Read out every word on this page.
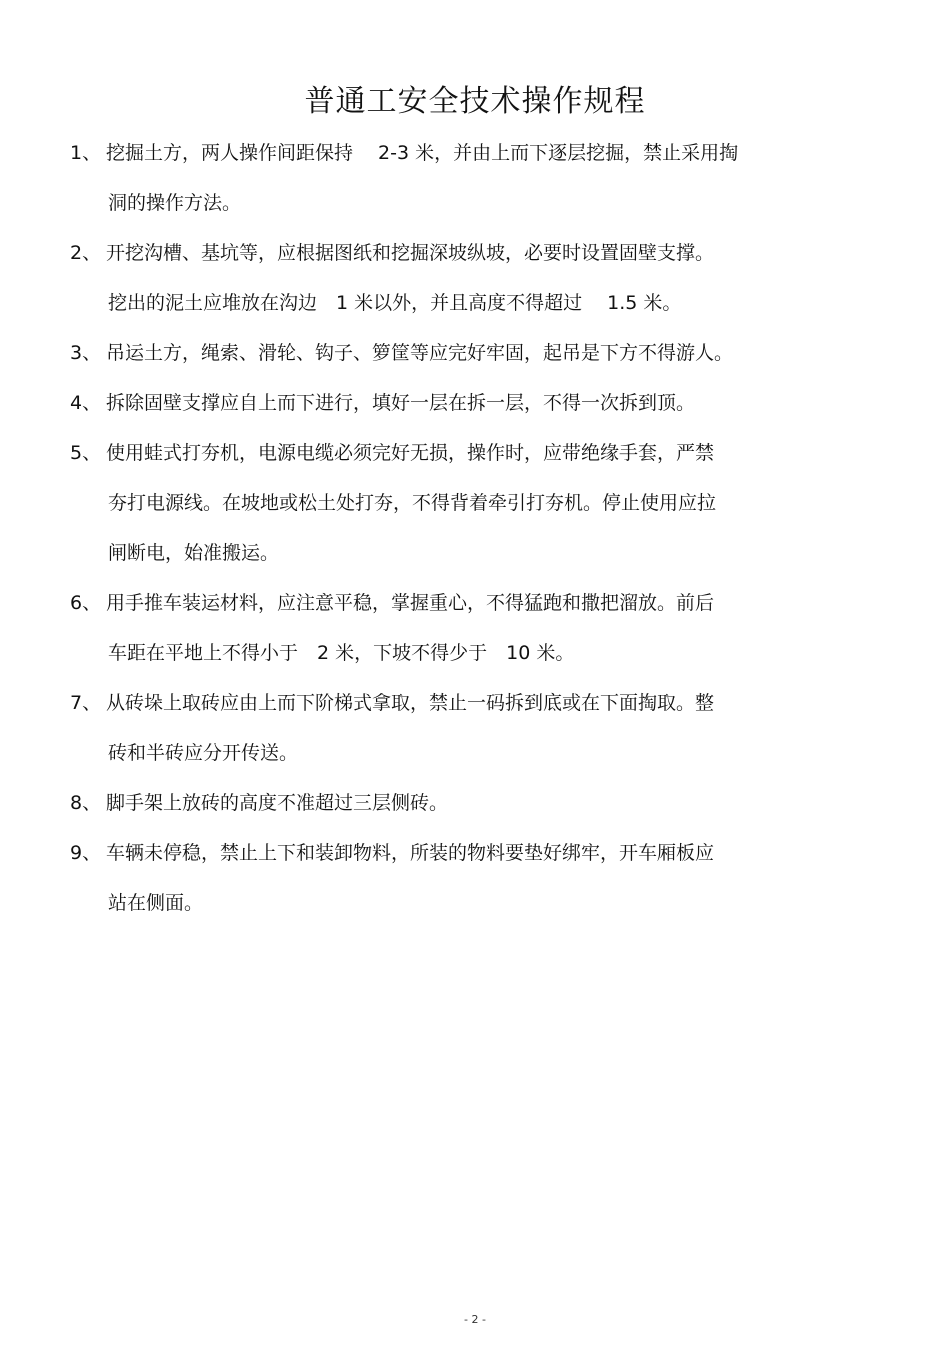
普通工安全技术操作规程
1、 挖掘土方，两人操作间距保持　 2-3 米，并由上而下逐层挖掘，禁止采用掏
洞的操作方法。
2、 开挖沟槽、基坑等，应根据图纸和挖掘深坡纵坡，必要时设置固壁支撑。
挖出的泥土应堆放在沟边　1 米以外，并且高度不得超过　 1.5 米。
3、 吊运土方，绳索、滑轮、钩子、箩筐等应完好牢固，起吊是下方不得游人。
4、 拆除固壁支撑应自上而下进行，填好一层在拆一层，不得一次拆到顶。
5、 使用蛙式打夯机，电源电缆必须完好无损，操作时，应带绝缘手套，严禁
夯打电源线。在坡地或松土处打夯，不得背着牵引打夯机。停止使用应拉
闸断电，始准搬运。
6、 用手推车装运材料，应注意平稳，掌握重心，不得猛跑和撒把溜放。前后
车距在平地上不得小于　2 米，下坡不得少于　10 米。
7、 从砖垛上取砖应由上而下阶梯式拿取，禁止一码拆到底或在下面掏取。整
砖和半砖应分开传送。
8、 脚手架上放砖的高度不准超过三层侧砖。
9、 车辆未停稳，禁止上下和装卸物料，所装的物料要垫好绑牢，开车厢板应
站在侧面。
- 2 -
